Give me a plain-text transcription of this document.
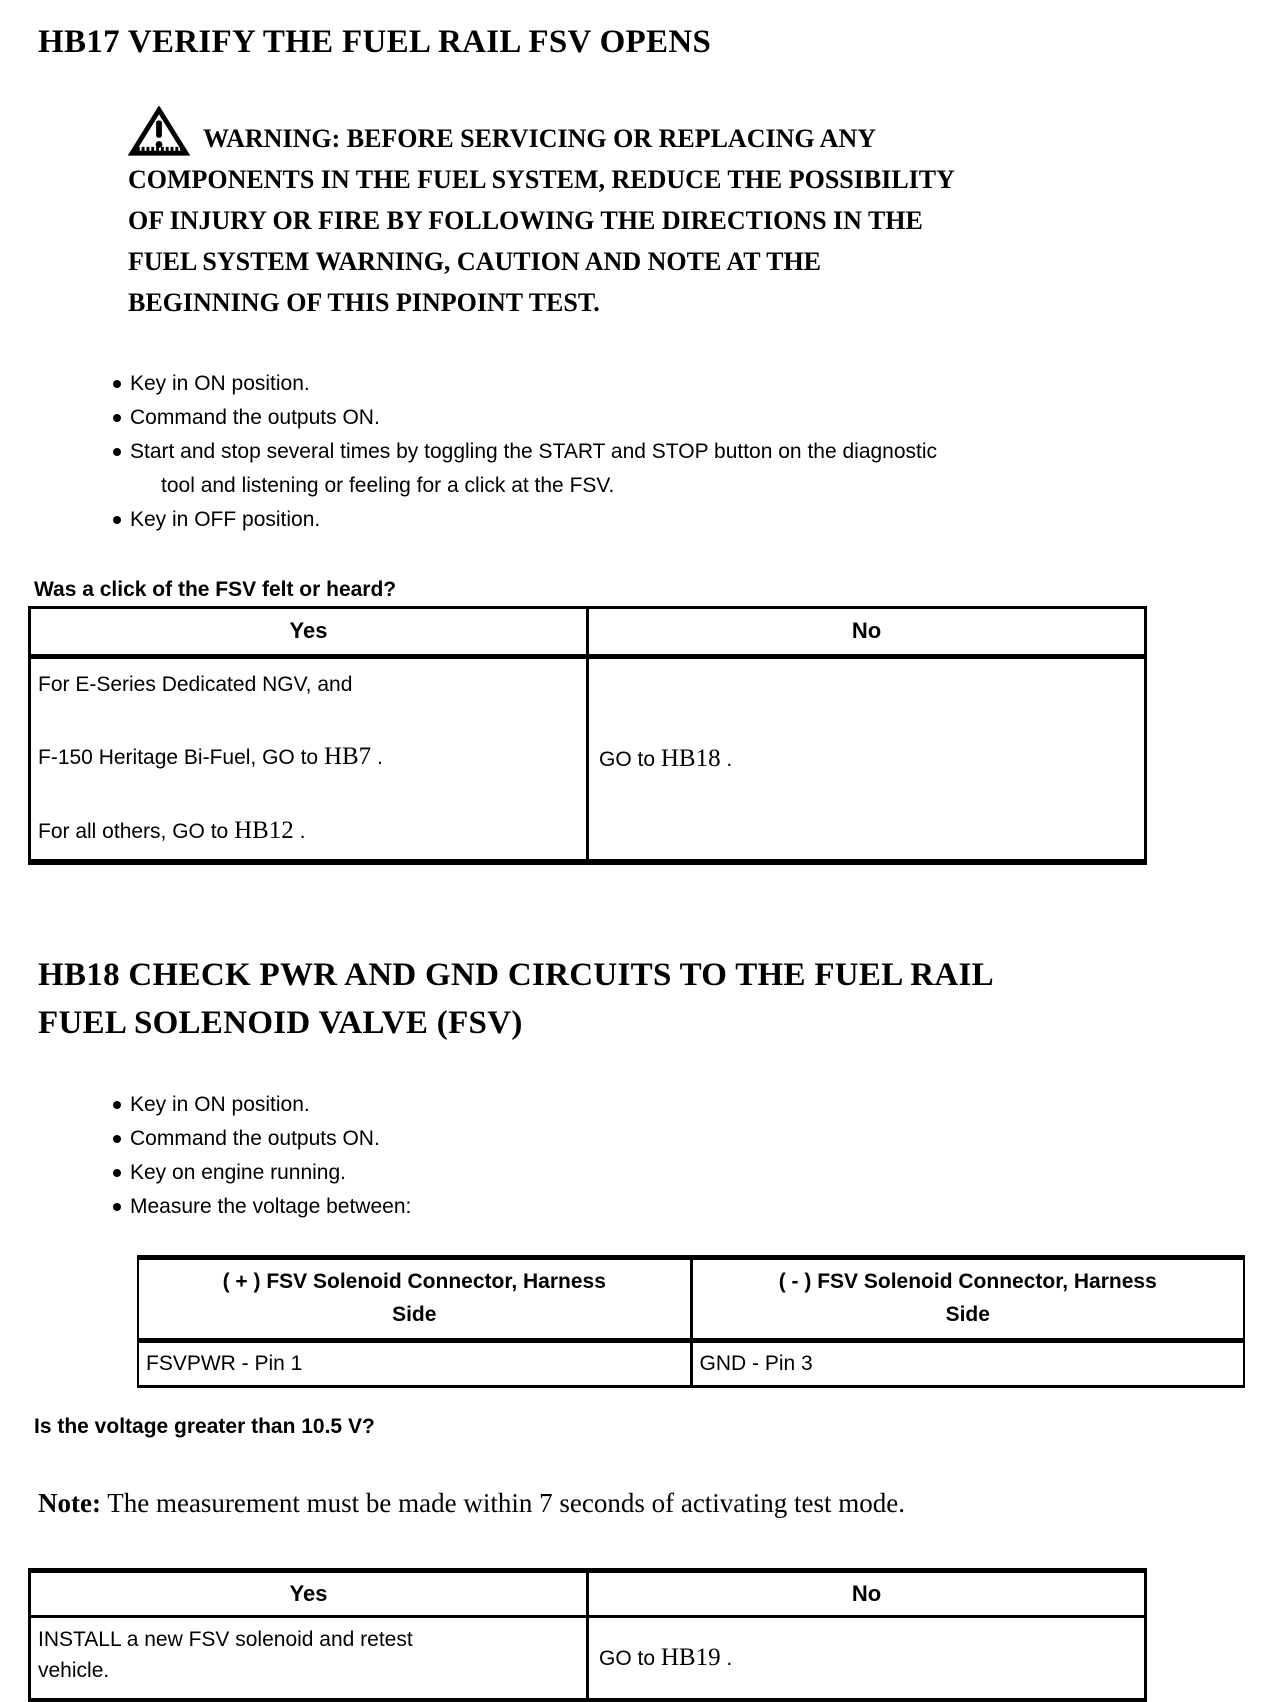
HB17 VERIFY THE FUEL RAIL FSV OPENS

WARNING: BEFORE SERVICING OR REPLACING ANY
COMPONENTS IN THE FUEL SYSTEM, REDUCE THE POSSIBILITY
OF INJURY OR FIRE BY FOLLOWING THE DIRECTIONS IN THE
FUEL SYSTEM WARNING, CAUTION AND NOTE AT THE
BEGINNING OF THIS PINPOINT TEST.

Key in ON position.
Command the outputs ON.
Start and stop several times by toggling the START and STOP button on the diagnostic
tool and listening or feeling for a click at the FSV.
Key in OFF position.
Was a click of the FSV felt or heard?
Yes	No

For E-Series Dedicated NGV, and

F-150 Heritage Bi-Fuel, GO to HB7 .

For all others, GO to HB12 .	GO to HB18 .
HB18 CHECK PWR AND GND CIRCUITS TO THE FUEL RAIL
FUEL SOLENOID VALVE (FSV)
Key in ON position.
Command the outputs ON.
Key on engine running.
Measure the voltage between:
( + ) FSV Solenoid Connector, Harness
Side	( - ) FSV Solenoid Connector, Harness
Side

FSVPWR - Pin 1	GND - Pin 3
Is the voltage greater than 10.5 V?

Note: The measurement must be made within 7 seconds of activating test mode.

Yes	No

INSTALL a new FSV solenoid and retest
vehicle.	GO to HB19 .
